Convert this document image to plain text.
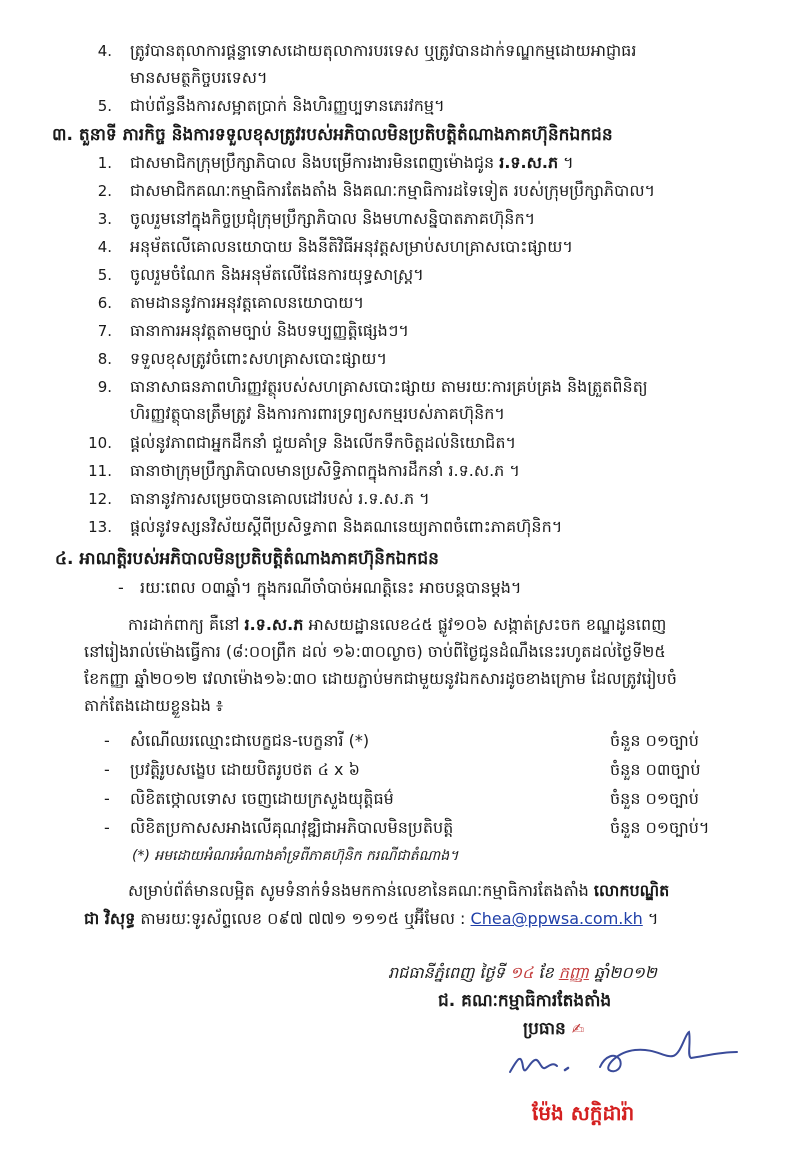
4. ត្រូវបានតុលាការផ្តន្ទាទោសដោយតុលាការបរទេស ឬត្រូវបានដាក់ទណ្ឌកម្មដោយអាជ្ញាធរ
មានសមត្ថកិច្ចបរទេស។
5. ជាប់ព័ន្ធនឹងការសម្អាតប្រាក់ និងហិរញ្ញប្បទានភេរវកម្ម។
៣. តួនាទី ភារកិច្ច និងការទទួលខុសត្រូវរបស់អភិបាលមិនប្រតិបត្តិតំណាងភាគហ៊ុនិកឯកជន
1. ជាសមាជិកក្រុមប្រឹក្សាភិបាល និងបម្រើការងារមិនពេញម៉ោងជូន រ.ទ.ស.ភ ។
2. ជាសមាជិកគណៈកម្មាធិការតែងតាំង និងគណៈកម្មាធិការដទៃទៀត របស់ក្រុមប្រឹក្សាភិបាល។
3. ចូលរួមនៅក្នុងកិច្ចប្រជុំក្រុមប្រឹក្សាភិបាល និងមហាសន្និបាតភាគហ៊ុនិក។
4. អនុម័តលើគោលនយោបាយ និងនីតិវិធីអនុវត្តសម្រាប់សហគ្រាសបោះផ្សាយ។
5. ចូលរួមចំណែក និងអនុម័តលើផែនការយុទ្ធសាស្ត្រ។
6. តាមដាននូវការអនុវត្តគោលនយោបាយ។
7. ធានាការអនុវត្តតាមច្បាប់ និងបទប្បញ្ញត្តិផ្សេងៗ។
8. ទទួលខុសត្រូវចំពោះសហគ្រាសបោះផ្សាយ។
9. ធានាសាធនភាពហិរញ្ញវត្ថុរបស់សហគ្រាសបោះផ្សាយ តាមរយៈការគ្រប់គ្រង និងត្រួតពិនិត្យ
ហិរញ្ញវត្ថុបានត្រឹមត្រូវ និងការការពារទ្រព្យសកម្មរបស់ភាគហ៊ុនិក។
10. ផ្តល់នូវភាពជាអ្នកដឹកនាំ ជួយគាំទ្រ និងលើកទឹកចិត្តដល់និយោជិត។
11. ធានាថាក្រុមប្រឹក្សាភិបាលមានប្រសិទ្ធិភាពក្នុងការដឹកនាំ រ.ទ.ស.ភ ។
12. ធានានូវការសម្រេចបានគោលដៅរបស់ រ.ទ.ស.ភ ។
13. ផ្តល់នូវទស្សនវិស័យស្តីពីប្រសិទ្ធភាព និងគណនេយ្យភាពចំពោះភាគហ៊ុនិក។
៤. អាណត្តិរបស់អភិបាលមិនប្រតិបត្តិតំណាងភាគហ៊ុនិកឯកជន
- រយៈពេល ០៣ឆ្នាំ។ ក្នុងករណីចាំបាច់អណត្តិនេះ អាចបន្តបានម្តង។
ការដាក់ពាក្យ គឺនៅ រ.ទ.ស.ភ អាសយដ្ឋានលេខ៤៥ ផ្លូវ១០៦ សង្កាត់ស្រះចក ខណ្ឌដូនពេញ
នៅរៀងរាល់ម៉ោងធ្វើការ (៨:០០ព្រឹក ដល់ ១៦:៣០ល្ងាច) ចាប់ពីថ្ងៃជូនដំណឹងនេះរហូតដល់ថ្ងៃទី២៥
ខែកញ្ញា ឆ្នាំ២០១២ វេលាម៉ោង១៦:៣០ ដោយភ្ជាប់មកជាមួយនូវឯកសារដូចខាងក្រោម ដែលត្រូវរៀបចំ
តាក់តែងដោយខ្លួនឯង ៖
- សំណើឈរឈ្មោះជាបេក្ខជន-បេក្ខនារី (*)	ចំនួន ០១ច្បាប់
- ប្រវត្តិរូបសង្ខេប ដោយបិតរូបថត ៤ x ៦	ចំនួន ០៣ច្បាប់
- លិខិតថ្កោលទោស ចេញដោយក្រសួងយុត្តិធម៌	ចំនួន ០១ច្បាប់
- លិខិតប្រកាសសអាងលើគុណវុឌ្ឍិជាអភិបាលមិនប្រតិបត្តិ	ចំនួន ០១ច្បាប់។
(*) អមដោយអំណរអំណាងគាំទ្រពីភាគហ៊ុនិក ករណីជាតំណាង។
សម្រាប់ព័ត៌មានលម្អិត សូមទំនាក់ទំនងមកកាន់លេខានៃគណៈកម្មាធិការតែងតាំង លោកបណ្ឌិត
ជា វិសុទ្ធ តាមរយៈទូរស័ព្ទលេខ ០៩៧ ៧៧១ ១១១៥ ឬអ៊ីមែល : Chea@ppwsa.com.kh ។
រាជធានីភ្នំពេញ ថ្ងៃទី ១៤ ខែ កញ្ញា ឆ្នាំ២០១២
ជ. គណៈកម្មាធិការតែងតាំង
ប្រធាន ✍
ម៉ែង សក្តិដារ៉ា
